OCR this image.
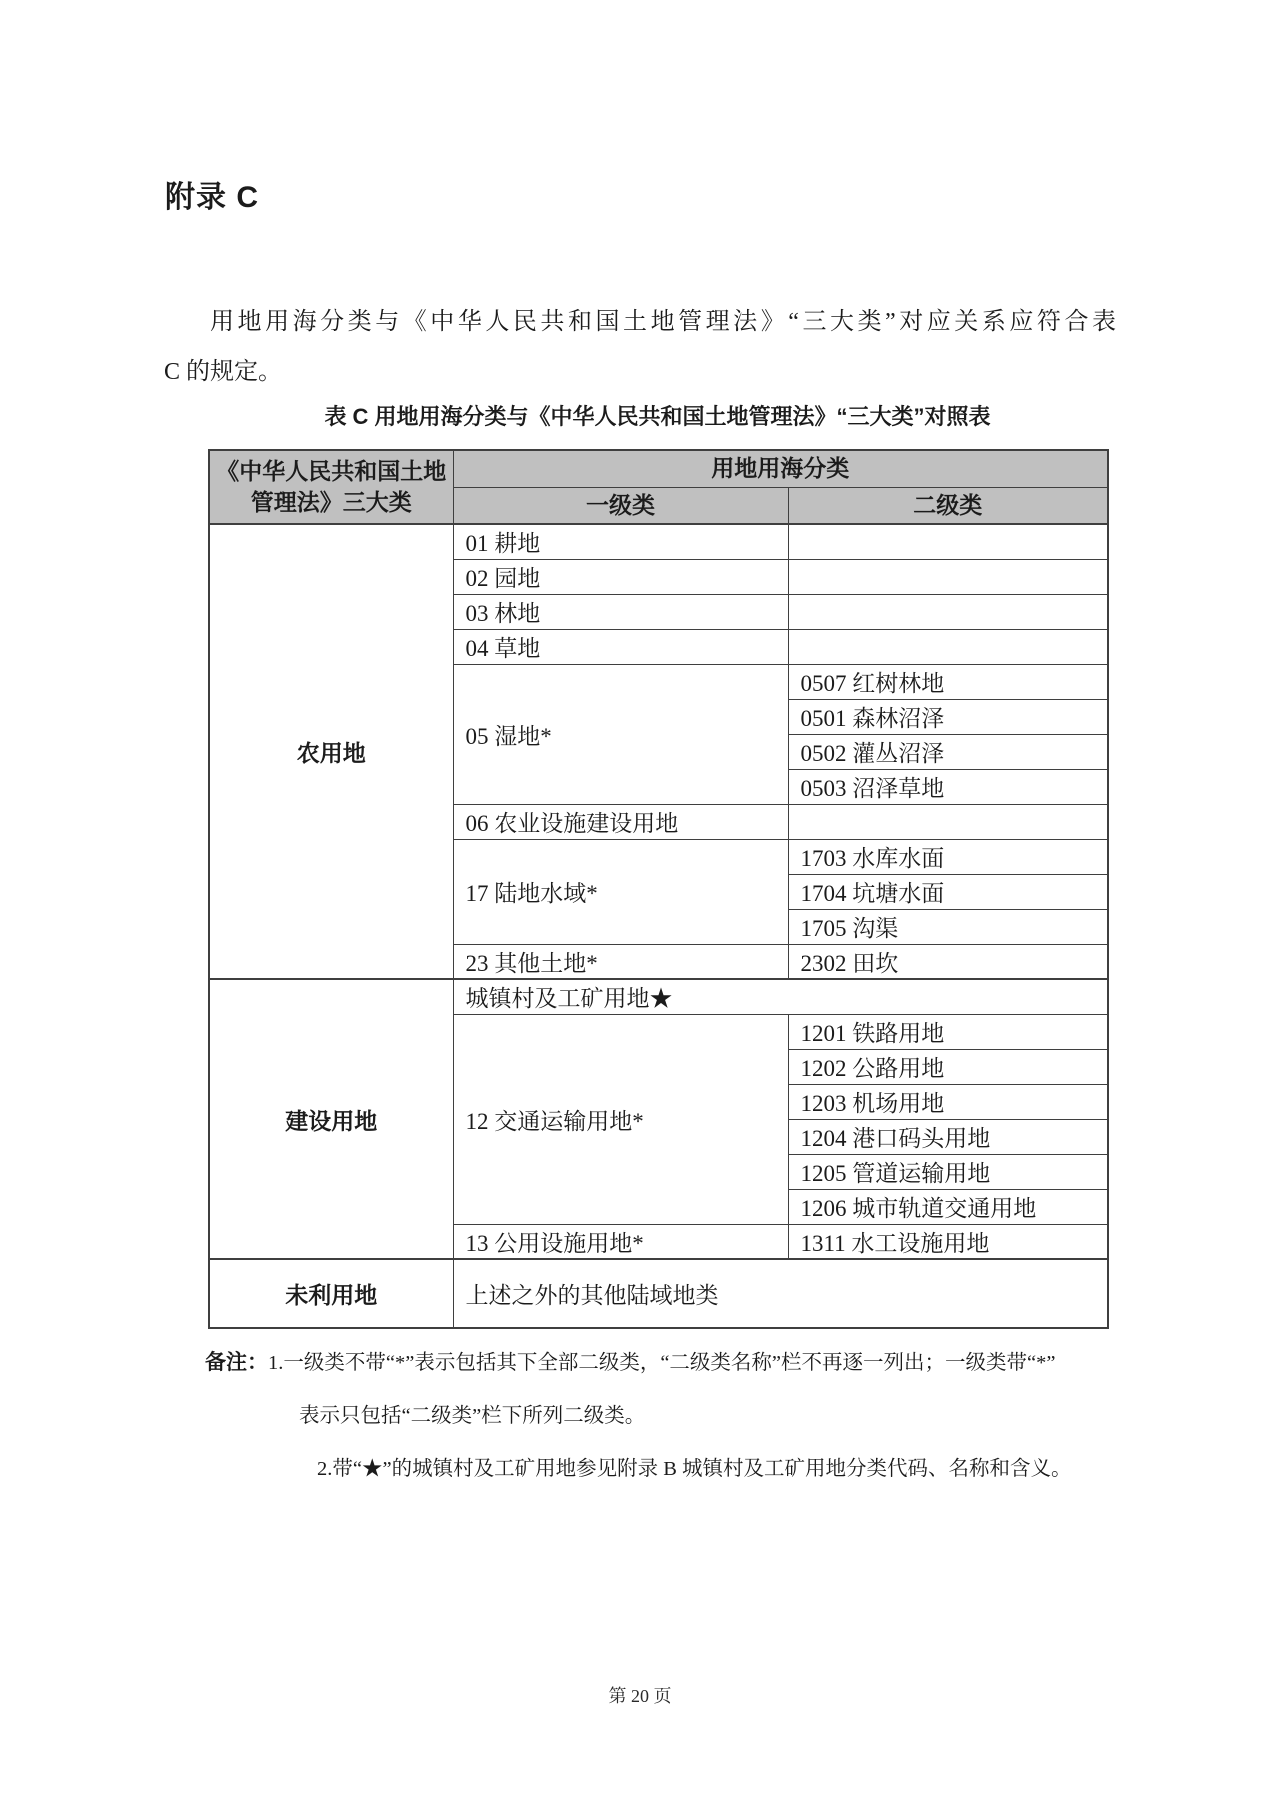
附录 C
用地用海分类与《中华人民共和国土地管理法》“三大类”对应关系应符合表
C 的规定。
表 C 用地用海分类与《中华人民共和国土地管理法》“三大类”对照表
《中华人民共和国土地管理法》三大类	用地用海分类	
	一级类	二级类
农用地	01 耕地	
	02 园地	
	03 林地	
	04 草地	
	05 湿地*	0507 红树林地
		0501 森林沼泽
		0502 灌丛沼泽
		0503 沼泽草地
	06 农业设施建设用地	
	17 陆地水域*	1703 水库水面
		1704 坑塘水面
		1705 沟渠
	23 其他土地*	2302 田坎
建设用地	城镇村及工矿用地★	
	12 交通运输用地*	1201 铁路用地
		1202 公路用地
		1203 机场用地
		1204 港口码头用地
		1205 管道运输用地
		1206 城市轨道交通用地
	13 公用设施用地*	1311 水工设施用地
未利用地	上述之外的其他陆域地类	
备注：1.一级类不带“*”表示包括其下全部二级类，“二级类名称”栏不再逐一列出；一级类带“*”
表示只包括“二级类”栏下所列二级类。
2.带“★”的城镇村及工矿用地参见附录 B 城镇村及工矿用地分类代码、名称和含义。
第 20 页
